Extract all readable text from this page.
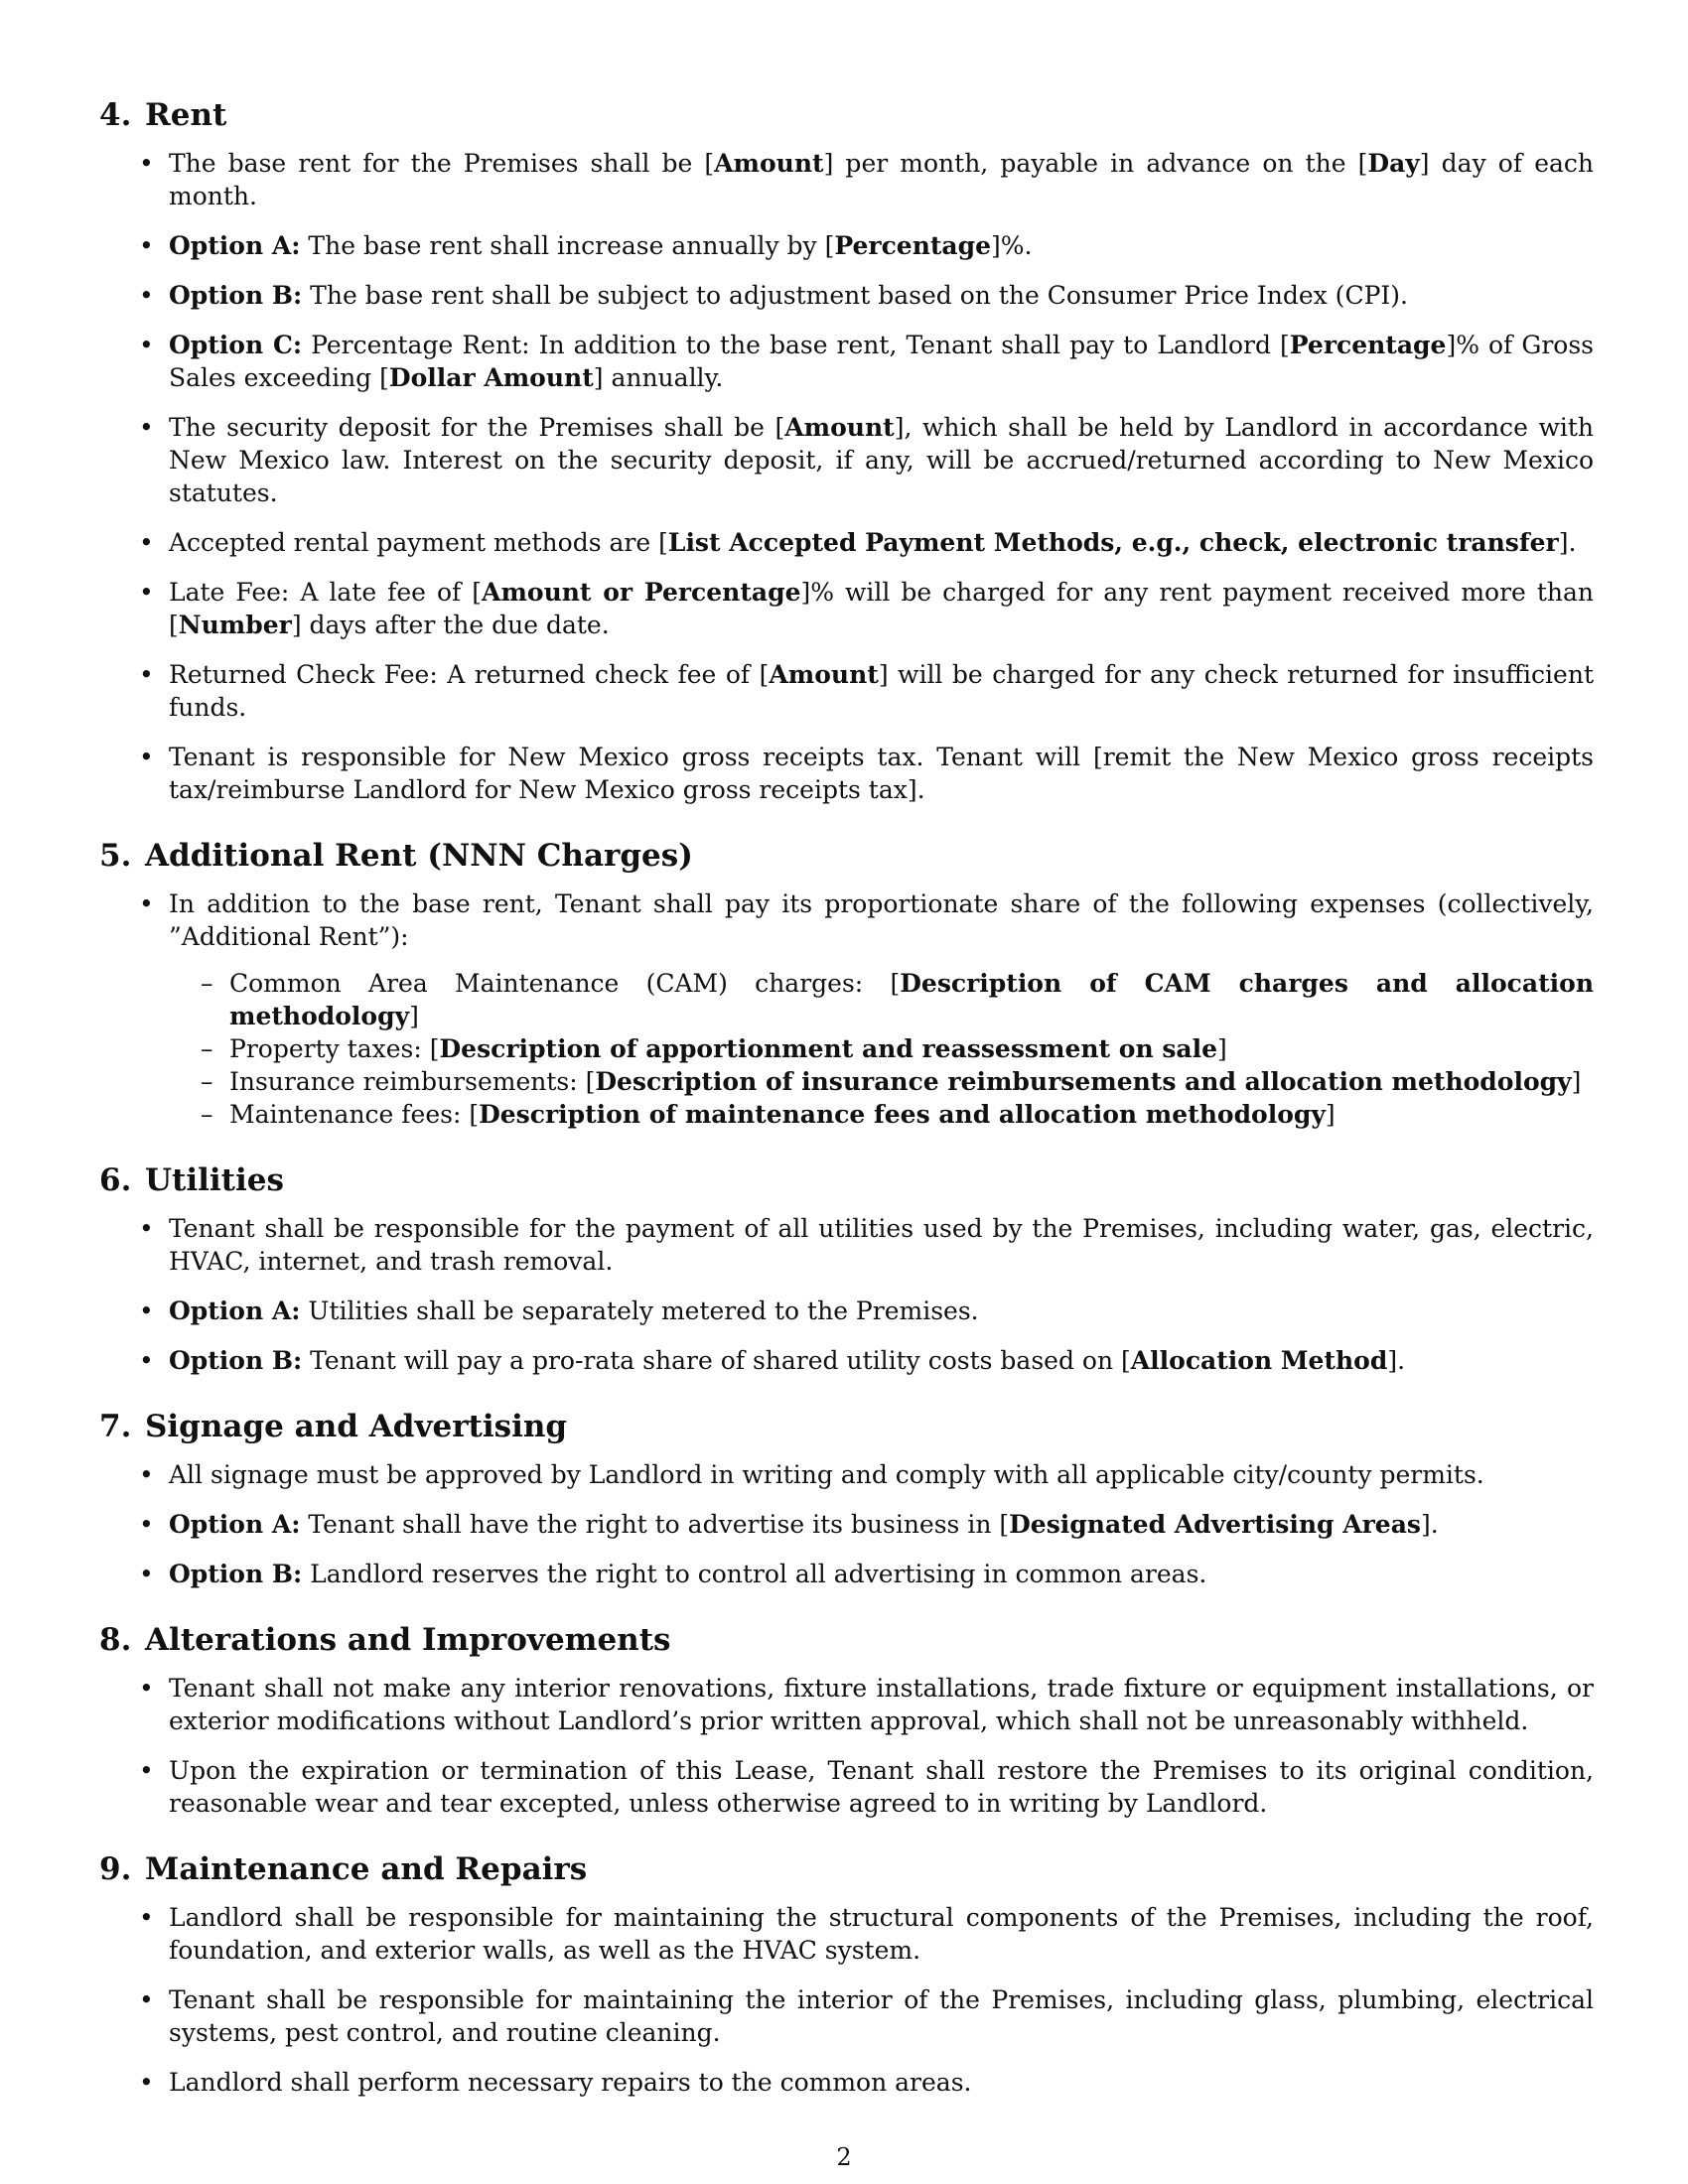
4. Rent
• The base rent for the Premises shall be [Amount] per month, payable in advance on the [Day] day of each month.
• Option A: The base rent shall increase annually by [Percentage]%.
• Option B: The base rent shall be subject to adjustment based on the Consumer Price Index (CPI).
• Option C: Percentage Rent: In addition to the base rent, Tenant shall pay to Landlord [Percentage]% of Gross Sales exceeding [Dollar Amount] annually.
• The security deposit for the Premises shall be [Amount], which shall be held by Landlord in accordance with New Mexico law. Interest on the security deposit, if any, will be accrued/returned according to New Mexico statutes.
• Accepted rental payment methods are [List Accepted Payment Methods, e.g., check, electronic transfer].
• Late Fee: A late fee of [Amount or Percentage]% will be charged for any rent payment received more than [Number] days after the due date.
• Returned Check Fee: A returned check fee of [Amount] will be charged for any check returned for insufficient funds.
• Tenant is responsible for New Mexico gross receipts tax. Tenant will [remit the New Mexico gross receipts tax/reimburse Landlord for New Mexico gross receipts tax].
5. Additional Rent (NNN Charges)
• In addition to the base rent, Tenant shall pay its proportionate share of the following expenses (collectively, ”Additional Rent”):
– Common Area Maintenance (CAM) charges: [Description of CAM charges and allocation methodology]
– Property taxes: [Description of apportionment and reassessment on sale]
– Insurance reimbursements: [Description of insurance reimbursements and allocation methodology]
– Maintenance fees: [Description of maintenance fees and allocation methodology]
6. Utilities
• Tenant shall be responsible for the payment of all utilities used by the Premises, including water, gas, electric, HVAC, internet, and trash removal.
• Option A: Utilities shall be separately metered to the Premises.
• Option B: Tenant will pay a pro-rata share of shared utility costs based on [Allocation Method].
7. Signage and Advertising
• All signage must be approved by Landlord in writing and comply with all applicable city/county permits.
• Option A: Tenant shall have the right to advertise its business in [Designated Advertising Areas].
• Option B: Landlord reserves the right to control all advertising in common areas.
8. Alterations and Improvements
• Tenant shall not make any interior renovations, fixture installations, trade fixture or equipment installations, or exterior modifications without Landlord’s prior written approval, which shall not be unreasonably withheld.
• Upon the expiration or termination of this Lease, Tenant shall restore the Premises to its original condition, reasonable wear and tear excepted, unless otherwise agreed to in writing by Landlord.
9. Maintenance and Repairs
• Landlord shall be responsible for maintaining the structural components of the Premises, including the roof, foundation, and exterior walls, as well as the HVAC system.
• Tenant shall be responsible for maintaining the interior of the Premises, including glass, plumbing, electrical systems, pest control, and routine cleaning.
• Landlord shall perform necessary repairs to the common areas.
2
